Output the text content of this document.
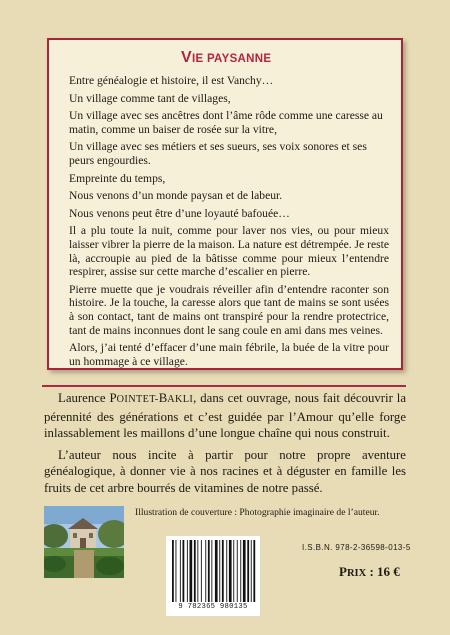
VIE PAYSANNE
Entre généalogie et histoire, il est Vanchy…
Un village comme tant de villages,
Un village avec ses ancêtres dont l’âme rôde comme une caresse au matin, comme un baiser de rosée sur la vitre,
Un village avec ses métiers et ses sueurs, ses voix sonores et ses peurs engourdies.
Empreinte du temps,
Nous venons d’un monde paysan et de labeur.
Nous venons peut être d’une loyauté bafouée…
Il a plu toute la nuit, comme pour laver nos vies, ou pour mieux laisser vibrer la pierre de la maison. La nature est détrempée. Je reste là, accroupie au pied de la bâtisse comme pour mieux l’entendre respirer, assise sur cette marche d’escalier en pierre.
Pierre muette que je voudrais réveiller afin d’entendre raconter son histoire. Je la touche, la caresse alors que tant de mains se sont usées à son contact, tant de mains ont transpiré pour la rendre protectrice, tant de mains inconnues dont le sang coule en ami dans mes veines.
Alors, j’ai tenté d’effacer d’une main fébrile, la buée de la vitre pour un hommage à ce village.

Laurence POINTET-BAKLI, dans cet ouvrage, nous fait découvrir la pérennité des générations et c’est guidée par l’Amour qu’elle forge inlassablement les maillons d’une longue chaîne qui nous construit.

L’auteur nous incite à partir pour notre propre aventure généalogique, à donner vie à nos racines et à déguster en famille les fruits de cet arbre bourrés de vitamines de notre passé.

Illustration de couverture : Photographie imaginaire de l’auteur.
9 782365 980135
I.S.B.N. 978-2-36598-013-5
PRIX : 16 €
